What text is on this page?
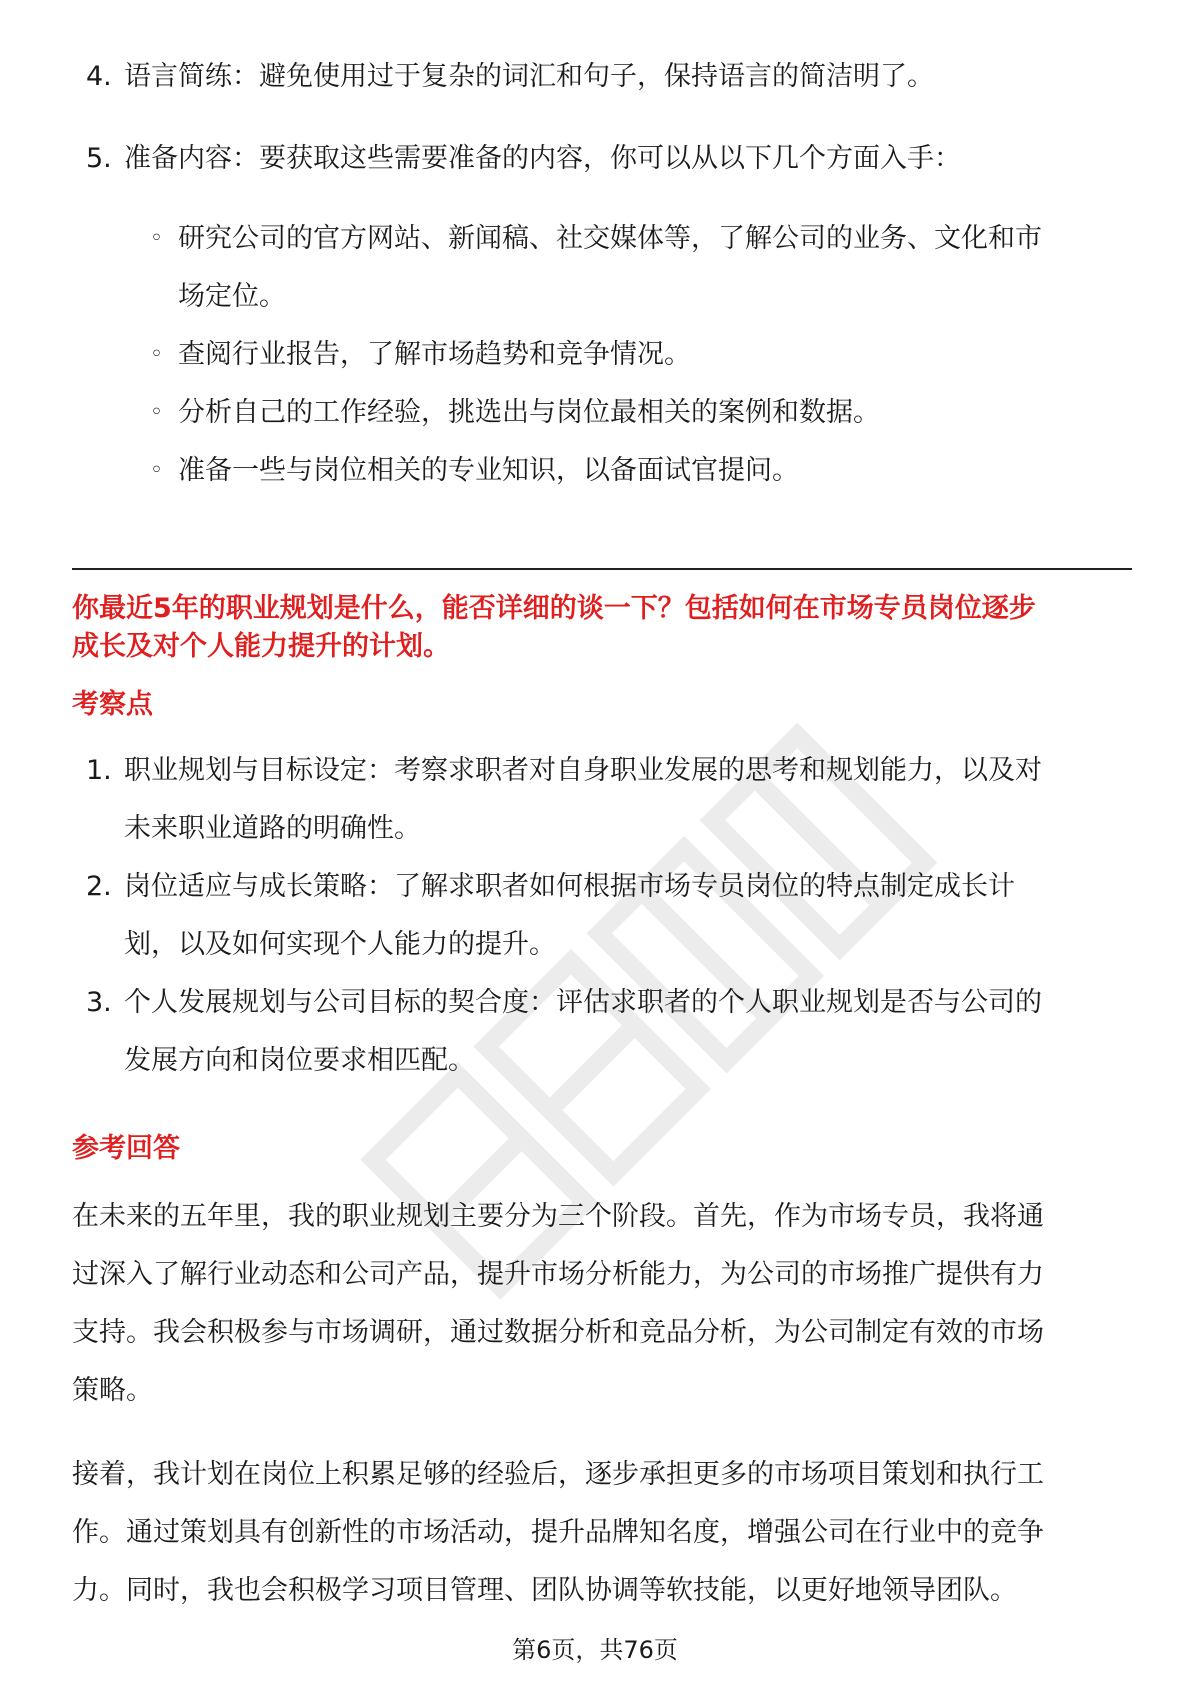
4. 语言简练：避免使用过于复杂的词汇和句子，保持语言的简洁明了。
5. 准备内容：要获取这些需要准备的内容，你可以从以下几个方面入手：
◦ 研究公司的官方网站、新闻稿、社交媒体等，了解公司的业务、文化和市
场定位。
◦ 查阅行业报告，了解市场趋势和竞争情况。
◦ 分析自己的工作经验，挑选出与岗位最相关的案例和数据。
◦ 准备一些与岗位相关的专业知识，以备面试官提问。
你最近5年的职业规划是什么，能否详细的谈一下？包括如何在市场专员岗位逐步
成长及对个人能力提升的计划。
考察点
1. 职业规划与目标设定：考察求职者对自身职业发展的思考和规划能力，以及对
未来职业道路的明确性。
2. 岗位适应与成长策略：了解求职者如何根据市场专员岗位的特点制定成长计
划，以及如何实现个人能力的提升。
3. 个人发展规划与公司目标的契合度：评估求职者的个人职业规划是否与公司的
发展方向和岗位要求相匹配。
参考回答
在未来的五年里，我的职业规划主要分为三个阶段。首先，作为市场专员，我将通
过深入了解行业动态和公司产品，提升市场分析能力，为公司的市场推广提供有力
支持。我会积极参与市场调研，通过数据分析和竞品分析，为公司制定有效的市场
策略。
接着，我计划在岗位上积累足够的经验后，逐步承担更多的市场项目策划和执行工
作。通过策划具有创新性的市场活动，提升品牌知名度，增强公司在行业中的竞争
力。同时，我也会积极学习项目管理、团队协调等软技能，以更好地领导团队。
第6页，共76页
